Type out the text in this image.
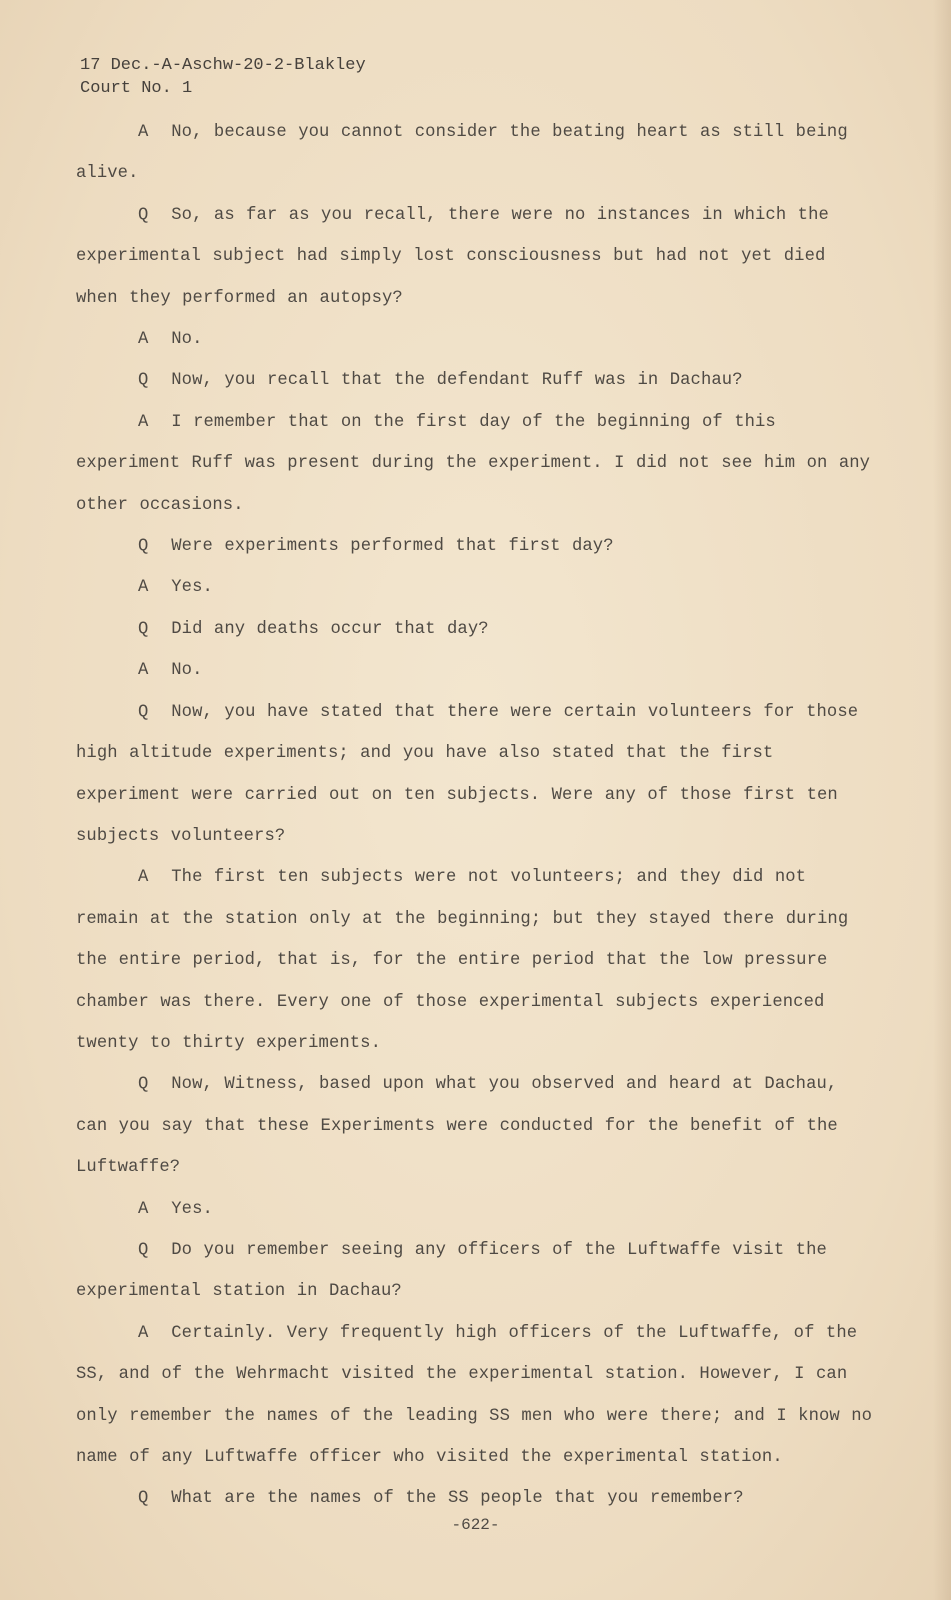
17 Dec.-A-Aschw-20-2-Blakley
Court No. 1
A  No, because you cannot consider the beating heart as still being alive.
Q  So, as far as you recall, there were no instances in which the experimental subject had simply lost consciousness but had not yet died when they performed an autopsy?
A  No.
Q  Now, you recall that the defendant Ruff was in Dachau?
A  I remember that on the first day of the beginning of this experiment Ruff was present during the experiment. I did not see him on any other occasions.
Q  Were experiments performed that first day?
A  Yes.
Q  Did any deaths occur that day?
A  No.
Q  Now, you have stated that there were certain volunteers for those high altitude experiments; and you have also stated that the first experiment were carried out on ten subjects. Were any of those first ten subjects volunteers?
A  The first ten subjects were not volunteers; and they did not remain at the station only at the beginning; but they stayed there during the entire period, that is, for the entire period that the low pressure chamber was there. Every one of those experimental subjects experienced twenty to thirty experiments.
Q  Now, Witness, based upon what you observed and heard at Dachau, can you say that these Experiments were conducted for the benefit of the Luftwaffe?
A  Yes.
Q  Do you remember seeing any officers of the Luftwaffe visit the experimental station in Dachau?
A  Certainly. Very frequently high officers of the Luftwaffe, of the SS, and of the Wehrmacht visited the experimental station. However, I can only remember the names of the leading SS men who were there; and I know no name of any Luftwaffe officer who visited the experimental station.
Q  What are the names of the SS people that you remember?
-622-
